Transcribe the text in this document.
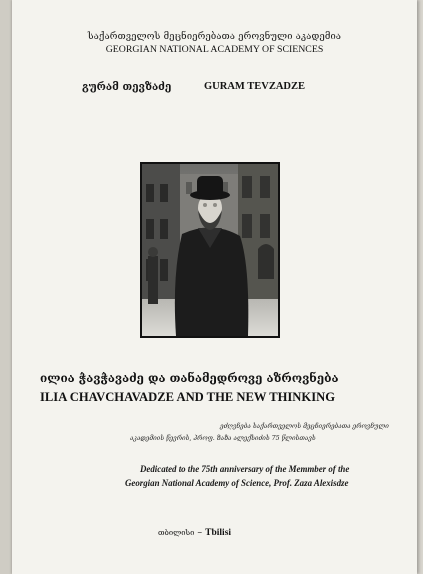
საქართველოს მეცნიერებათა ეროვნული აკადემია
GEORGIAN NATIONAL ACADEMY OF SCIENCES
გურამ თევზაძე	GURAM TEVZADZE
ილია ჭავჭავაძე და თანამედროვე აზროვნება
ILIA CHAVCHAVADZE AND THE NEW THINKING
ეძღვნება საქართველოს მეცნიერებათა ეროვნული
აკადემიის წევრის, პროფ. ზაზა ალექსიძის 75 წლისთავს
Dedicated to the 75th anniversary of the Memmber of the
Georgian National Academy of Science, Prof. Zaza Alexisdze
თბილისი – Tbilisi
